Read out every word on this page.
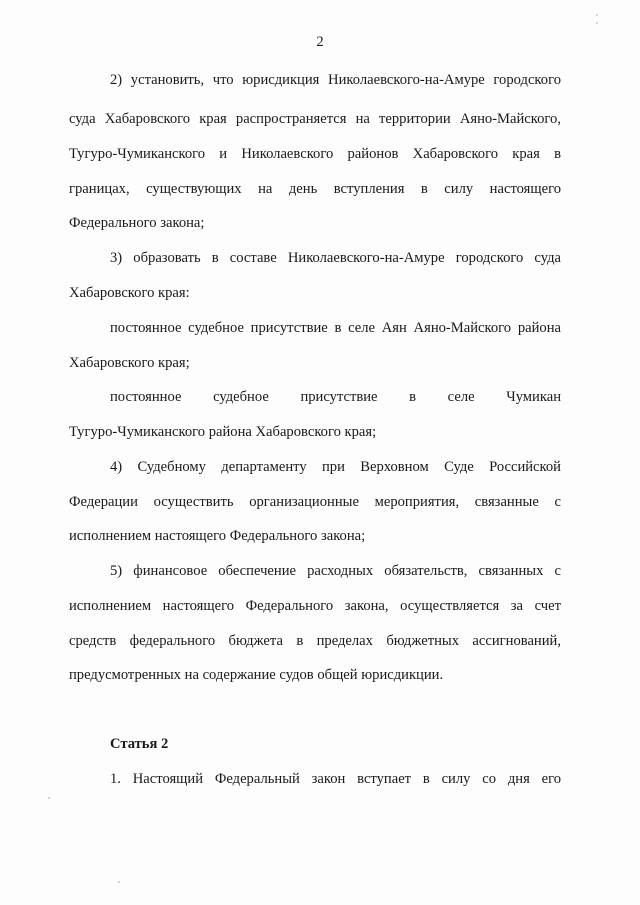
2
2) установить, что юрисдикция Николаевского-на-Амуре городского
суда Хабаровского края распространяется на территории Аяно-Майского,
Тугуро-Чумиканского и Николаевского районов Хабаровского края в
границах, существующих на день вступления в силу настоящего
Федерального закона;
3) образовать в составе Николаевского-на-Амуре городского суда
Хабаровского края:
постоянное судебное присутствие в селе Аян Аяно-Майского района
Хабаровского края;
постоянное судебное присутствие в селе Чумикан
Тугуро-Чумиканского района Хабаровского края;
4) Судебному департаменту при Верховном Суде Российской
Федерации осуществить организационные мероприятия, связанные с
исполнением настоящего Федерального закона;
5) финансовое обеспечение расходных обязательств, связанных с
исполнением настоящего Федерального закона, осуществляется за счет
средств федерального бюджета в пределах бюджетных ассигнований,
предусмотренных на содержание судов общей юрисдикции.
Статья 2
1. Настоящий Федеральный закон вступает в силу со дня его
